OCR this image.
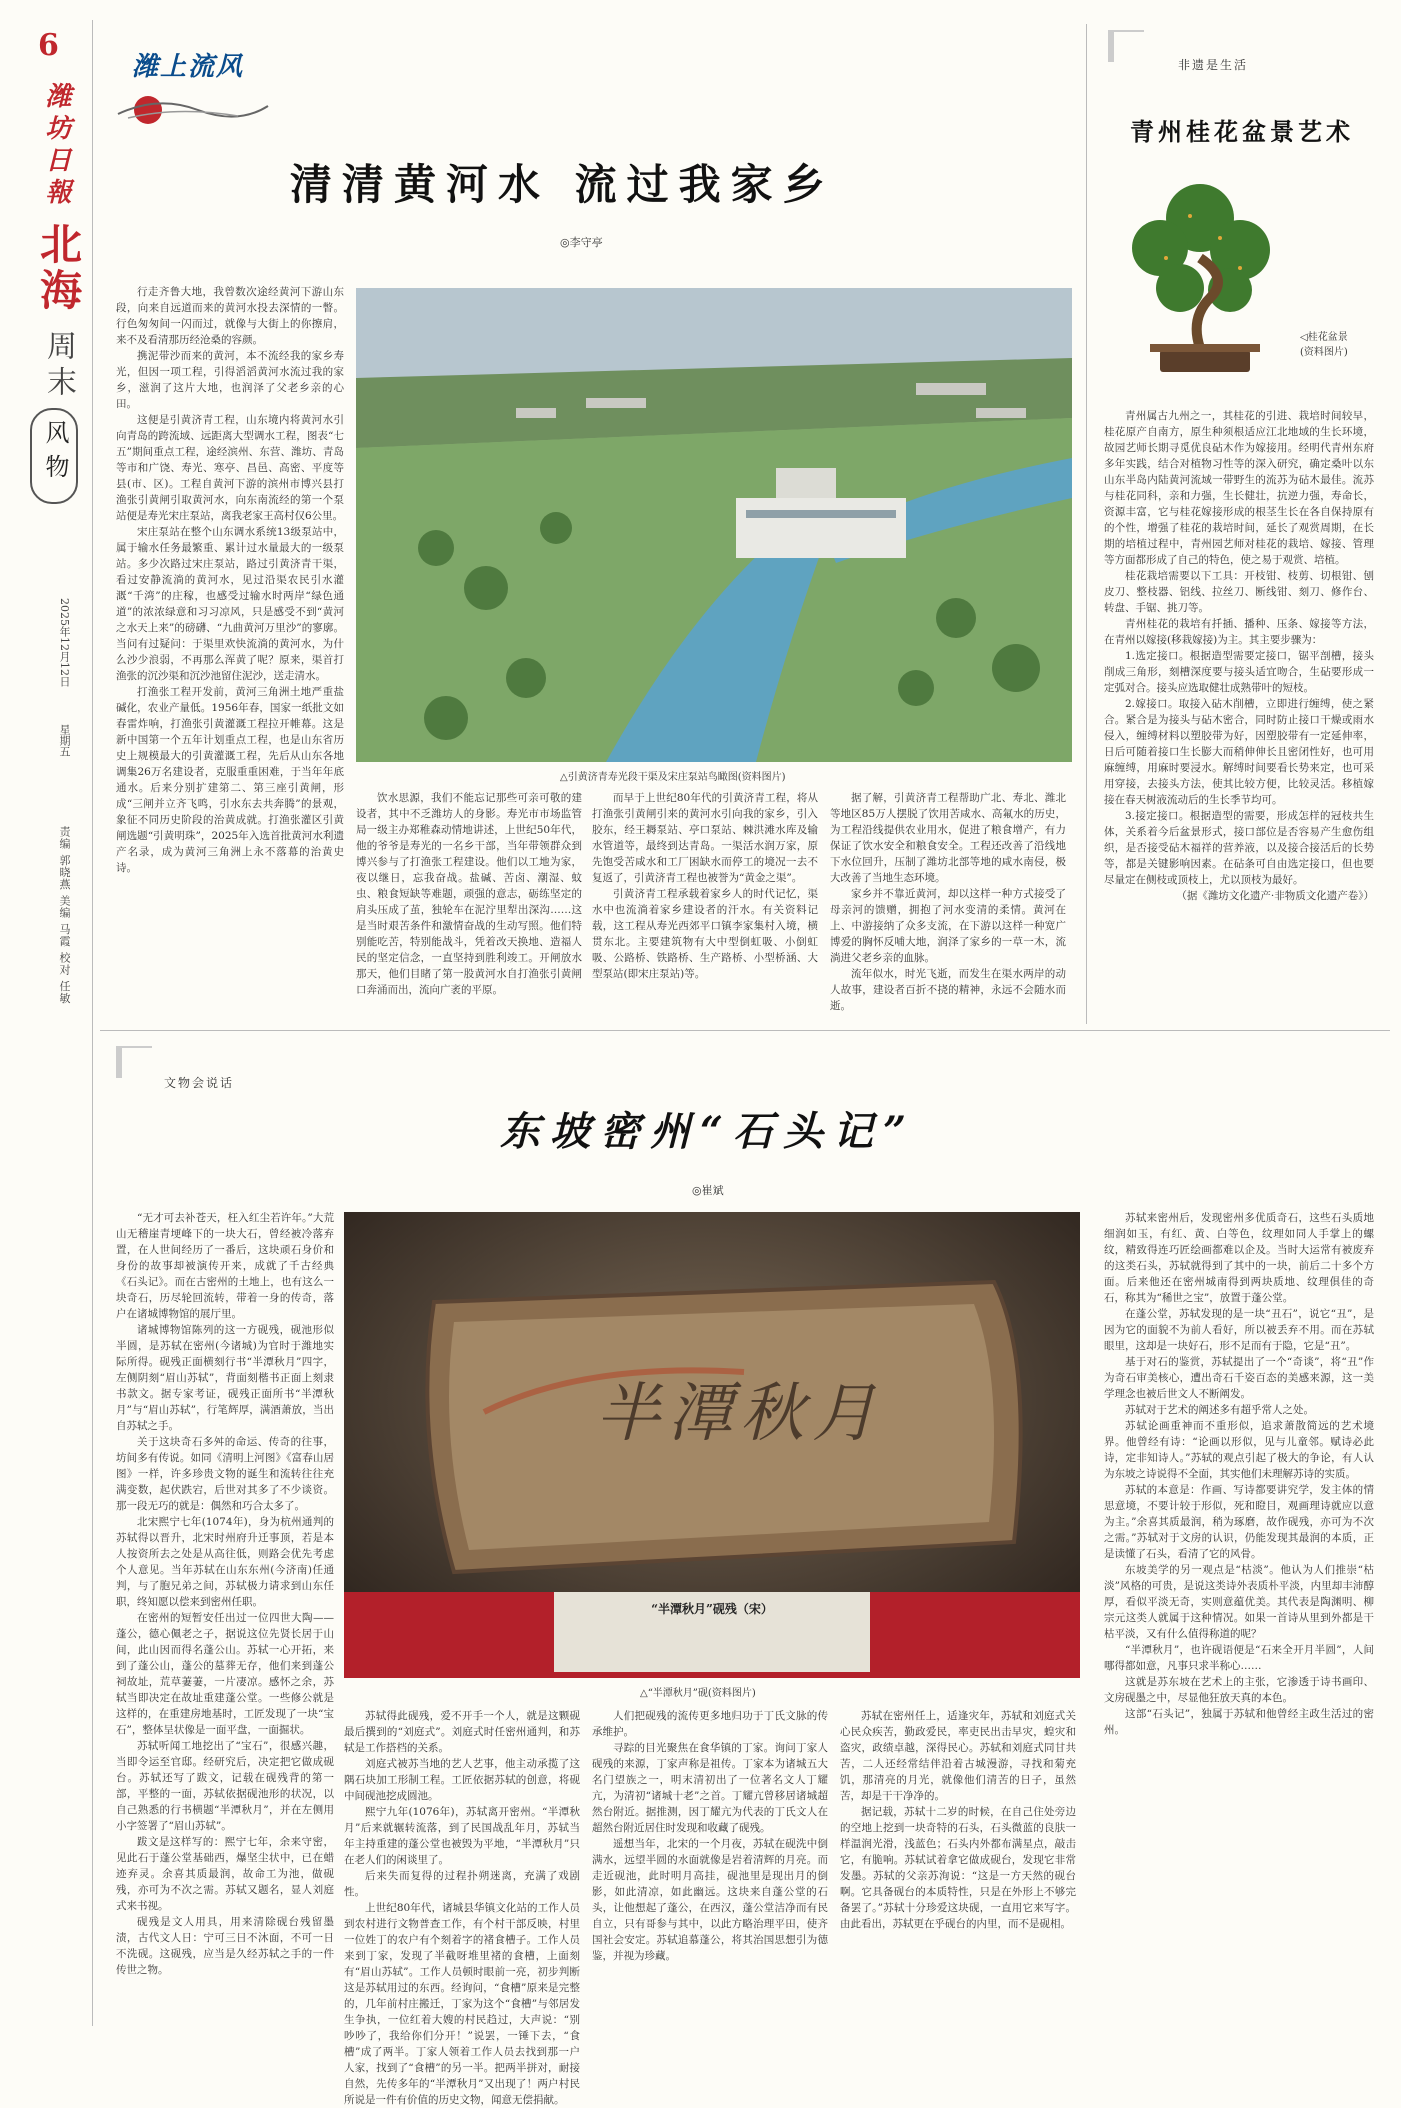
6
潍坊日報
北海
周末
风物
2025年12月12日
星期五
责编 郭晓燕 美编 马霞 校对 任敏
潍上流风
清清黄河水 流过我家乡
◎李守亭

行走齐鲁大地，我曾数次途经黄河下游山东段，向来自远道而来的黄河水投去深情的一瞥。行色匆匆间一闪而过，就像与大街上的你擦肩，来不及看清那历经沧桑的容颜。

携泥带沙而来的黄河，本不流经我的家乡寿光，但因一项工程，引得滔滔黄河水流过我的家乡，滋润了这片大地，也润泽了父老乡亲的心田。

这便是引黄济青工程，山东境内将黄河水引向青岛的跨流域、远距离大型调水工程，图表“七五”期间重点工程，途经滨州、东营、潍坊、青岛等市和广饶、寿光、寒亭、昌邑、高密、平度等县(市、区)。工程自黄河下游的滨州市博兴县打渔张引黄闸引取黄河水，向东南流经的第一个泵站便是寿光宋庄泵站，离我老家王高村仅6公里。

宋庄泵站在整个山东调水系统13级泵站中，属于输水任务最繁重、累计过水量最大的一级泵站。多少次路过宋庄泵站，路过引黄济青干渠，看过安静流淌的黄河水，见过沿渠农民引水灌溉“千湾”的庄稼，也感受过输水时两岸“绿色通道”的浓浓绿意和习习凉风，只是感受不到“黄河之水天上来”的磅礴、“九曲黄河万里沙”的寥廓。当问有过疑问：于渠里欢快流淌的黄河水，为什么沙少浪弱，不再那么浑黄了呢？原来，渠首打渔张的沉沙渠和沉沙池留住泥沙，送走清水。

打渔张工程开发前，黄河三角洲土地严重盐碱化，农业产量低。1956年春，国家一纸批文如春雷炸响，打渔张引黄灌溉工程拉开帷幕。这是新中国第一个五年计划重点工程，也是山东省历史上规模最大的引黄灌溉工程，先后从山东各地调集26万名建设者，克服重重困难，于当年年底通水。后来分别扩建第二、第三座引黄闸，形成“三闸并立齐飞鸣，引水东去共奔腾”的景观，象征不同历史阶段的治黄成就。打渔张灌区引黄闸选题“引黄明珠”，2025年入选首批黄河水利遗产名录，成为黄河三角洲上永不落幕的治黄史诗。

△引黄济青寿光段干渠及宋庄泵站鸟瞰图(资料图片)

饮水思源，我们不能忘记那些可亲可敬的建设者，其中不乏潍坊人的身影。寿光市市场监管局一级主办郑稚森动情地讲述，上世纪50年代，他的爷爷是寿光的一名乡干部，当年带领群众到博兴参与了打渔张工程建设。他们以工地为家，夜以继日，忘我奋战。盐碱、苦卤、潮湿、蚊虫、粮食短缺等难题，顽强的意志，砺练坚定的肩头压成了茧，独轮车在泥泞里犁出深沟……这是当时艰苦条件和激情奋战的生动写照。他们特别能吃苦，特别能战斗，凭着改天换地、造福人民的坚定信念，一直坚持到胜利竣工。开闸放水那天，他们目睹了第一股黄河水自打渔张引黄闸口奔涌而出，流向广袤的平原。

而早于上世纪80年代的引黄济青工程，将从打渔张引黄闸引来的黄河水引向我的家乡，引入胶东，经王耨泵站、亭口泵站、棘洪滩水库及输水管道等，最终到达青岛。一渠活水润万家，原先饱受苦咸水和工厂困缺水而停工的境况一去不复返了，引黄济青工程也被誉为“黄金之渠”。

引黄济青工程承载着家乡人的时代记忆，渠水中也流淌着家乡建设者的汗水。有关资料记载，这工程从寿光西郊平口镇李家集村入境，横贯东北。主要建筑物有大中型倒虹吸、小倒虹吸、公路桥、铁路桥、生产路桥、小型桥涵、大型泵站(即宋庄泵站)等。

据了解，引黄济青工程帮助广北、寿北、潍北等地区85万人摆脱了饮用苦咸水、高氟水的历史，为工程沿线提供农业用水，促进了粮食增产，有力保证了饮水安全和粮食安全。工程还改善了沿线地下水位回升，压制了潍坊北部等地的咸水南侵，极大改善了当地生态环境。

家乡并不靠近黄河，却以这样一种方式接受了母亲河的馈赠，拥抱了河水变清的柔情。黄河在上、中游接纳了众多支流，在下游以这样一种宽广博爱的胸怀反哺大地，润泽了家乡的一草一木，流淌进父老乡亲的血脉。

流年似水，时光飞逝，而发生在渠水两岸的动人故事，建设者百折不挠的精神，永远不会随水而逝。

非遗是生活
青州桂花盆景艺术
◁桂花盆景(资料图片)

青州属古九州之一，其桂花的引进、栽培时间较早，桂花原产自南方，原生种须根适应江北地域的生长环境，故园艺师长期寻觅优良砧木作为嫁接用。经明代青州东府多年实践，结合对植物习性等的深入研究，确定桑叶以东山东半岛内陆黄河流域一带野生的流苏为砧木最佳。流苏与桂花同科，亲和力强，生长健壮，抗逆力强，寿命长，资源丰富，它与桂花嫁接形成的根茎生长在各自保持原有的个性，增强了桂花的栽培时间，延长了观赏周期，在长期的培植过程中，青州园艺师对桂花的栽培、嫁接、管理等方面都形成了自己的特色，使之易于观赏、培植。

桂花栽培需要以下工具：开枝钳、枝剪、切根钳、刨皮刀、整枝器、铝线、拉丝刀、断线钳、刻刀、修作台、转盘、手锯、挑刀等。

青州桂花的栽培有扦插、播种、压条、嫁接等方法，在青州以嫁接(移栽嫁接)为主。其主要步骤为：

1.选定接口。根据造型需要定接口，锯平剖槽，接头削成三角形，刻槽深度要与接头适宜吻合，生砧要形成一定弧对合。接头应选取健壮成熟带叶的短枝。

2.嫁接口。取接入砧木削槽，立即进行缠缚，使之紧合。紧合是为接头与砧木密合，同时防止接口干燥或雨水侵入，缠缚材料以塑胶带为好，因塑胶带有一定延伸率，日后可随着接口生长膨大而稍伸伸长且密闭性好，也可用麻缠缚，用麻时要浸水。解缚时间要看长势来定，也可采用穿接，去接头方法，使其比较方便，比较灵活。移植嫁接在春天树液流动后的生长季节均可。

3.接定接口。根据造型的需要，形成怎样的冠枝共生体，关系着今后盆景形式，接口部位是否容易产生愈伤组织，是否接受砧木福祥的营养液，以及接合接活后的长势等，都是关键影响因素。在砧条可自由选定接口，但也要尽量定在侧枝或顶枝上，尤以顶枝为最好。

（据《潍坊文化遗产·非物质文化遗产卷》）

文物会说话
东坡密州“石头记”
◎崔斌
半潭秋月
“半潭秋月”砚残（宋）
△“半潭秋月”砚(资料图片)

“无才可去补苍天，枉入红尘若许年。”大荒山无稽崖青埂峰下的一块大石，曾经被冷落弃置，在人世间经历了一番后，这块顽石身价和身份的故事却被演传开来，成就了千古经典《石头记》。而在古密州的土地上，也有这么一块奇石，历尽轮回流转，带着一身的传奇，落户在诸城博物馆的展厅里。

诸城博物馆陈列的这一方砚残，砚池形似半圆，是苏轼在密州(今诸城)为官时于潍地实际所得。砚残正面横刻行书“半潭秋月”四字，左侧阴刻“眉山苏轼”，背面刻楷书正面上刻隶书款文。据专家考证，砚残正面所书“半潭秋月”与“眉山苏轼”，行笔辉厚，满酒萧放，当出自苏轼之手。

关于这块奇石多舛的命运、传奇的往事，坊间多有传说。如同《清明上河图》《富春山居图》一样，许多珍贵文物的诞生和流转往往充满变数，起伏跌宕，后世对其多了不少谈资。那一段无巧的就是：偶然和巧合太多了。

北宋熙宁七年(1074年)，身为杭州通判的苏轼得以晋升，北宋时州府升迁事顶，若是本人按资所去之处是从高往低，则路会优先考虑个人意见。当年苏轼在山东东州(今济南)任通判，与了胞兄弟之间，苏轼极力请求到山东任职，终知愿以偿来到密州任职。

在密州的短暂安任出过一位四世大陶——蓬公，德心佩老之子，据说这位先贤长居于山间，此山因而得名蓬公山。苏轼一心开拓，来到了蓬公山，蓬公的墓葬无存，他们来到蓬公祠故址，荒草萋萋，一片凄凉。感怀之余，苏轼当即决定在故址重建蓬公堂。一些修公就是这样的，在重建房地基时，工匠发现了一块“宝石”，整体呈状像是一面平盘，一面掘状。

苏轼听闻工地挖出了“宝石”，很感兴趣，当即令运至官邸。经研究后，决定把它做成砚台。苏轼还写了跋文，记载在砚残背的第一部，平整的一面，苏轼依据砚池形的状况，以自己熟悉的行书横题“半潭秋月”，并在左侧用小字签署了“眉山苏轼”。

跋文是这样写的：熙宁七年，余来守密，见此石于蓬公堂基础西，爆坚尘状中，已在蜡迹弃灵。余喜其质最润，故命工为池，做砚残，亦可为不次之需。苏轼又题名，显人刘庭式来书视。

砚残是文人用具，用来清除砚台残留墨渍，古代文人日：宁可三日不沐面，不可一日不洗砚。这砚残，应当是久经苏轼之手的一件传世之物。

苏轼得此砚残，爱不开手一个人，就是这颗砚最后撰到的“刘庭式”。刘庭式时任密州通判，和苏轼是工作搭档的关系。

刘庭式被苏当地的艺人艺事，他主动承揽了这隅石块加工形制工程。工匠依据苏轼的创意，将砚中间砚池挖成圆池。

熙宁九年(1076年)，苏轼离开密州。“半潭秋月”后来就辗转流落，到了民国战乱年月，苏轼当年主持重建的蓬公堂也被毁为平地，“半潭秋月”只在老人们的闲谈里了。

后来失而复得的过程扑朔迷离，充满了戏剧性。

上世纪80年代，诸城县华镇文化站的工作人员到农村进行文物普查工作，有个村干部反映，村里一位姓丁的农户有个刻着字的褚食槽子。工作人员来到丁家，发现了半截呀堆里褚的食槽，上面刻有“眉山苏轼”。工作人员顿时眼前一亮，初步判断这是苏轼用过的东西。经询问，“食槽”原来是完整的，几年前村庄搬迁，丁家为这个“食槽”与邻居发生争执，一位红着大嫂的村民趋过，大声说：“别吵吵了，我给你们分开！”说罢，一锤下去，“食槽”成了两半。丁家人领着工作人员去找到那一户人家，找到了“食槽”的另一半。把两半拼对，耐接自然，先传多年的“半潭秋月”又出现了！两户村民所说是一件有价值的历史文物，闻意无偿捐献。

人们把砚残的流传更多地归功于丁氏文脉的传承维护。

寻踪的目光聚焦在食华镇的丁家。询问丁家人砚残的来源，丁家声称是祖传。丁家本为诸城五大名门望族之一，明末清初出了一位著名文人丁耀亢，为清初“诸城十老”之首。丁耀亢曾移居诸城超然台附近。据推测，因丁耀亢为代表的丁氏文人在超然台附近居住时发现和收藏了砚残。

遥想当年，北宋的一个月夜，苏轼在砚洗中倒满水，远望半圆的水面就像是岩着清辉的月亮。而走近砚池，此时明月高挂，砚池里是现出月的倒影，如此清凉，如此幽远。这块来自蓬公堂的石头，让他想起了蓬公，在西汉，蓬公堂洁净而有民自立，只有哥参与其中，以此方略治理平田，使齐国社会安定。苏轼追慕蓬公，将其治国思想引为德鉴，并视为珍藏。

苏轼在密州任上，适逢灾年，苏轼和刘庭式关心民众疾苦，勤政爱民，率吏民出击早灾，蝗灾和盗灾，政绩卓越，深得民心。苏轼和刘庭式同甘共苦，二人还经常结伴沿着古城漫游，寻找和菊充饥，那清亮的月光，就像他们清苦的日子，虽然苦，却是干干净净的。

据记载，苏轼十二岁的时候，在自己住处旁边的空地上挖到一块奇特的石头，石头微蓝的良肤一样温润光滑，浅蓝色；石头内外都布满星点，敲击它，有脆响。苏轼试着拿它做成砚台，发现它非常发墨。苏轼的父亲苏洵说：“这是一方天然的砚台啊。它具备砚台的本质特性，只是在外形上不够完备罢了。”苏轼十分珍爱这块砚，一直用它来写字。由此看出，苏轼更在乎砚台的内里，而不是砚相。

苏轼来密州后，发现密州多优质奇石，这些石头质地细润如玉，有红、黄、白等色，纹理如同人手掌上的螺纹，精致得连巧匠绘画都难以企及。当时大运常有被废弃的这类石头，苏轼就得到了其中的一块，前后二十多个方面。后来他还在密州城南得到两块质地、纹理俱佳的奇石，称其为“稀世之宝”，放置于蓬公堂。

在蓬公堂，苏轼发现的是一块“丑石”，说它“丑”，是因为它的面貌不为前人看好，所以被丢弃不用。而在苏轼眼里，这却是一块好石，形不足而有于隐，它是“丑”。

基于对石的鉴赏，苏轼提出了一个“奇谈”，将“丑”作为奇石审美核心，遭出奇石千姿百态的美感来源，这一美学理念也被后世文人不断阐发。

苏轼对于艺术的阐述多有超乎常人之处。

苏轼论画重神而不重形似，追求萧散简远的艺术境界。他曾经有诗：“论画以形似，见与儿童邻。赋诗必此诗，定非知诗人。”苏轼的观点引起了极大的争论，有人认为东坡之诗说得不全面，其实他们未理解苏诗的实质。

苏轼的本意是：作画、写诗都要讲究学，发主体的情思意境，不要计较于形似，死和瞪目，观画理诗就应以意为主。”余喜其质最润，稍为琢磨，故作砚残，亦可为不次之需。”苏轼对于文房的认识，仍能发现其最润的本质，正是读懂了石头，看清了它的风骨。

东坡美学的另一观点是“枯淡”。他认为人们推崇“枯淡”风格的可贵，是说这类诗外表质朴平淡，内里却丰沛醇厚，看似平淡无奇，实则意蕴优美。其代表是陶渊明、柳宗元这类人就属于这种情况。如果一首诗从里到外都是干枯平淡，又有什么值得称道的呢？

“半潭秋月”，也许砚语便是“石来全开月半圆”，人间哪得都如意，凡事只求半称心……

这就是苏东坡在艺术上的主张，它渗透于诗书画印、文房砚墨之中，尽显他狂放天真的本色。

这部“石头记”，独属于苏轼和他曾经主政生活过的密州。
